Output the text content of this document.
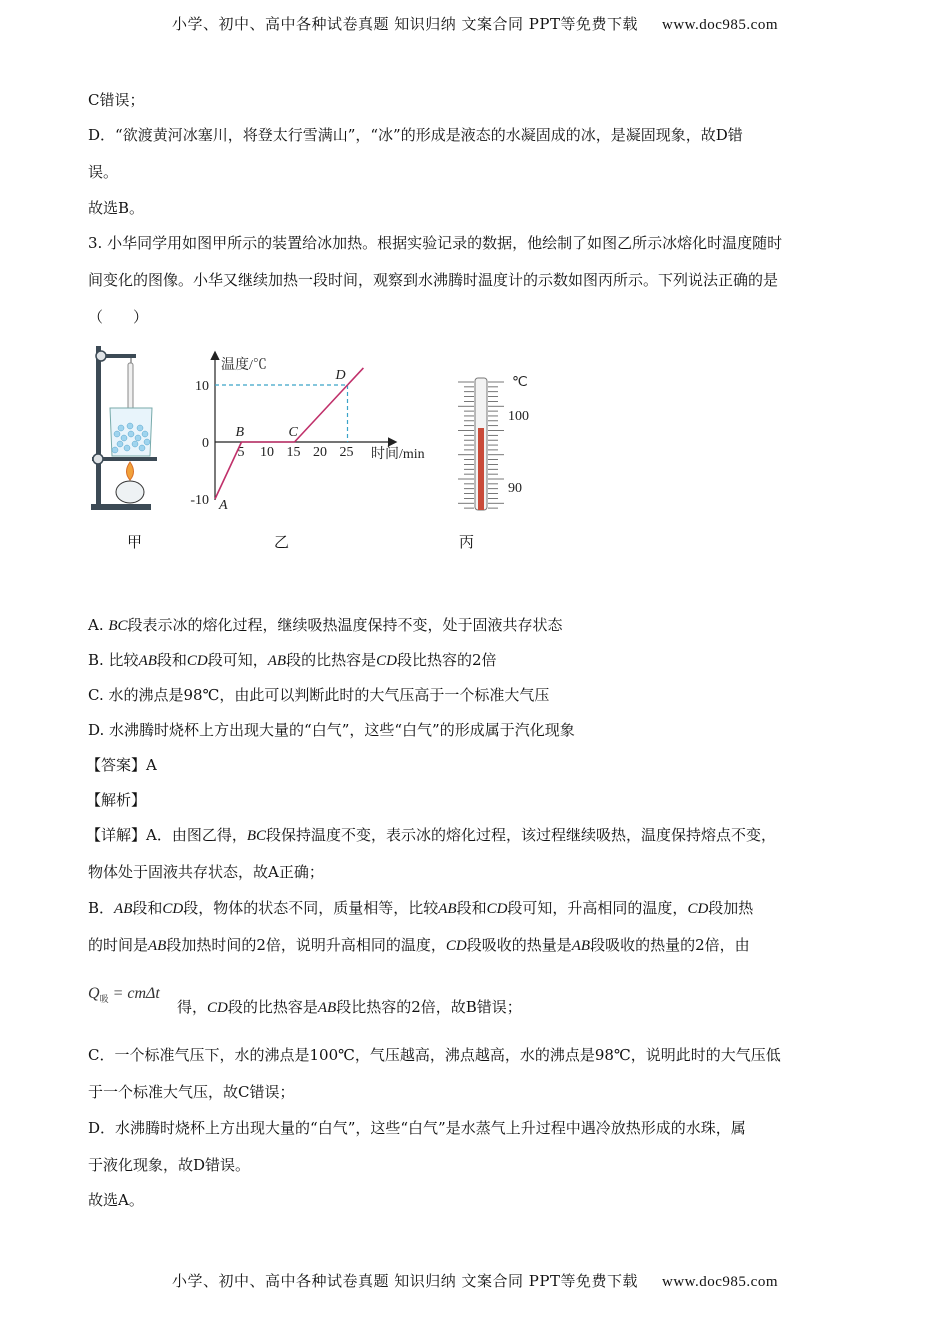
小学、初中、高中各种试卷真题 知识归纳 文案合同 PPT等免费下载 www.doc985.com
C错误；
D．“欲渡黄河冰塞川，将登太行雪满山”，“冰”的形成是液态的水凝固成的冰，是凝固现象，故D错
误。
故选B。
3. 小华同学用如图甲所示的装置给冰加热。根据实验记录的数据，他绘制了如图乙所示冰熔化时温度随时
间变化的图像。小华又继续加热一段时间，观察到水沸腾时温度计的示数如图丙所示。下列说法正确的是
（　　）
甲
温度/℃
时间/min
5 10 15 20 25
10
0
-10 A
B	C
D
乙
℃
100
90
丙
A. BC段表示冰的熔化过程，继续吸热温度保持不变，处于固液共存状态
B. 比较AB段和CD段可知，AB段的比热容是CD段比热容的2倍
C. 水的沸点是98℃，由此可以判断此时的大气压高于一个标准大气压
D. 水沸腾时烧杯上方出现大量的“白气”，这些“白气”的形成属于汽化现象
【答案】A
【解析】
【详解】A．由图乙得，BC段保持温度不变，表示冰的熔化过程，该过程继续吸热，温度保持熔点不变，
物体处于固液共存状态，故A正确；
B．AB段和CD段，物体的状态不同，质量相等，比较AB段和CD段可知，升高相同的温度，CD段加热
的时间是AB段加热时间的2倍，说明升高相同的温度，CD段吸收的热量是AB段吸收的热量的2倍，由
$Q_吸 = cm\Delta t$
得，CD段的比热容是AB段比热容的2倍，故B错误；
C．一个标准气压下，水的沸点是100℃，气压越高，沸点越高，水的沸点是98℃，说明此时的大气压低
于一个标准大气压，故C错误；
D．水沸腾时烧杯上方出现大量的“白气”，这些“白气”是水蒸气上升过程中遇冷放热形成的水珠，属
于液化现象，故D错误。
故选A。
小学、初中、高中各种试卷真题 知识归纳 文案合同 PPT等免费下载 www.doc985.com
